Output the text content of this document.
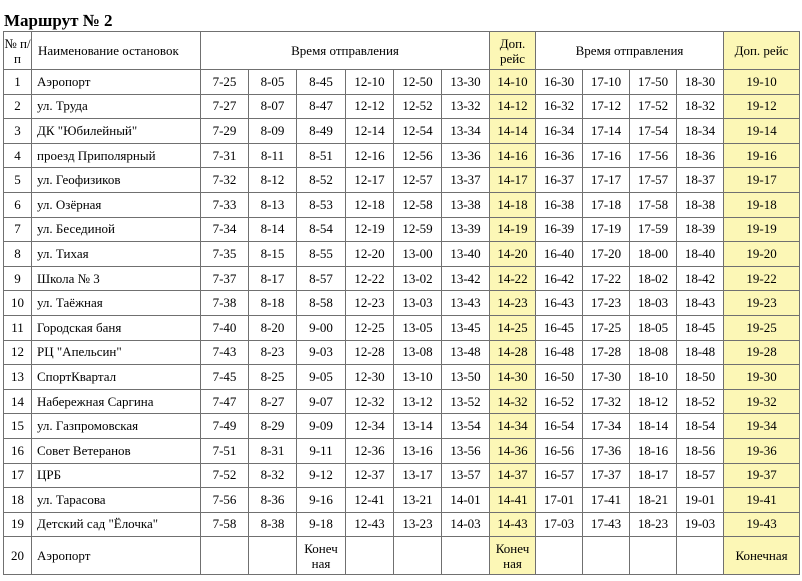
Маршрут № 2
№ п/п	Наименование остановок	Время отправления						Доп. рейс	Время отправления				Доп. рейс
1	Аэропорт	7-25	8-05	8-45	12-10	12-50	13-30	14-10	16-30	17-10	17-50	18-30	19-10
2	ул. Труда	7-27	8-07	8-47	12-12	12-52	13-32	14-12	16-32	17-12	17-52	18-32	19-12
3	ДК "Юбилейный"	7-29	8-09	8-49	12-14	12-54	13-34	14-14	16-34	17-14	17-54	18-34	19-14
4	проезд Приполярный	7-31	8-11	8-51	12-16	12-56	13-36	14-16	16-36	17-16	17-56	18-36	19-16
5	ул. Геофизиков	7-32	8-12	8-52	12-17	12-57	13-37	14-17	16-37	17-17	17-57	18-37	19-17
6	ул. Озёрная	7-33	8-13	8-53	12-18	12-58	13-38	14-18	16-38	17-18	17-58	18-38	19-18
7	ул. Бесединой	7-34	8-14	8-54	12-19	12-59	13-39	14-19	16-39	17-19	17-59	18-39	19-19
8	ул. Тихая	7-35	8-15	8-55	12-20	13-00	13-40	14-20	16-40	17-20	18-00	18-40	19-20
9	Школа № 3	7-37	8-17	8-57	12-22	13-02	13-42	14-22	16-42	17-22	18-02	18-42	19-22
10	ул. Таёжная	7-38	8-18	8-58	12-23	13-03	13-43	14-23	16-43	17-23	18-03	18-43	19-23
11	Городская баня	7-40	8-20	9-00	12-25	13-05	13-45	14-25	16-45	17-25	18-05	18-45	19-25
12	РЦ "Апельсин"	7-43	8-23	9-03	12-28	13-08	13-48	14-28	16-48	17-28	18-08	18-48	19-28
13	СпортКвартал	7-45	8-25	9-05	12-30	13-10	13-50	14-30	16-50	17-30	18-10	18-50	19-30
14	Набережная Саргина	7-47	8-27	9-07	12-32	13-12	13-52	14-32	16-52	17-32	18-12	18-52	19-32
15	ул. Газпромовская	7-49	8-29	9-09	12-34	13-14	13-54	14-34	16-54	17-34	18-14	18-54	19-34
16	Совет Ветеранов	7-51	8-31	9-11	12-36	13-16	13-56	14-36	16-56	17-36	18-16	18-56	19-36
17	ЦРБ	7-52	8-32	9-12	12-37	13-17	13-57	14-37	16-57	17-37	18-17	18-57	19-37
18	ул. Тарасова	7-56	8-36	9-16	12-41	13-21	14-01	14-41	17-01	17-41	18-21	19-01	19-41
19	Детский сад "Ёлочка"	7-58	8-38	9-18	12-43	13-23	14-03	14-43	17-03	17-43	18-23	19-03	19-43
20	Аэропорт			Конеч ная				Конеч ная					Конечная
